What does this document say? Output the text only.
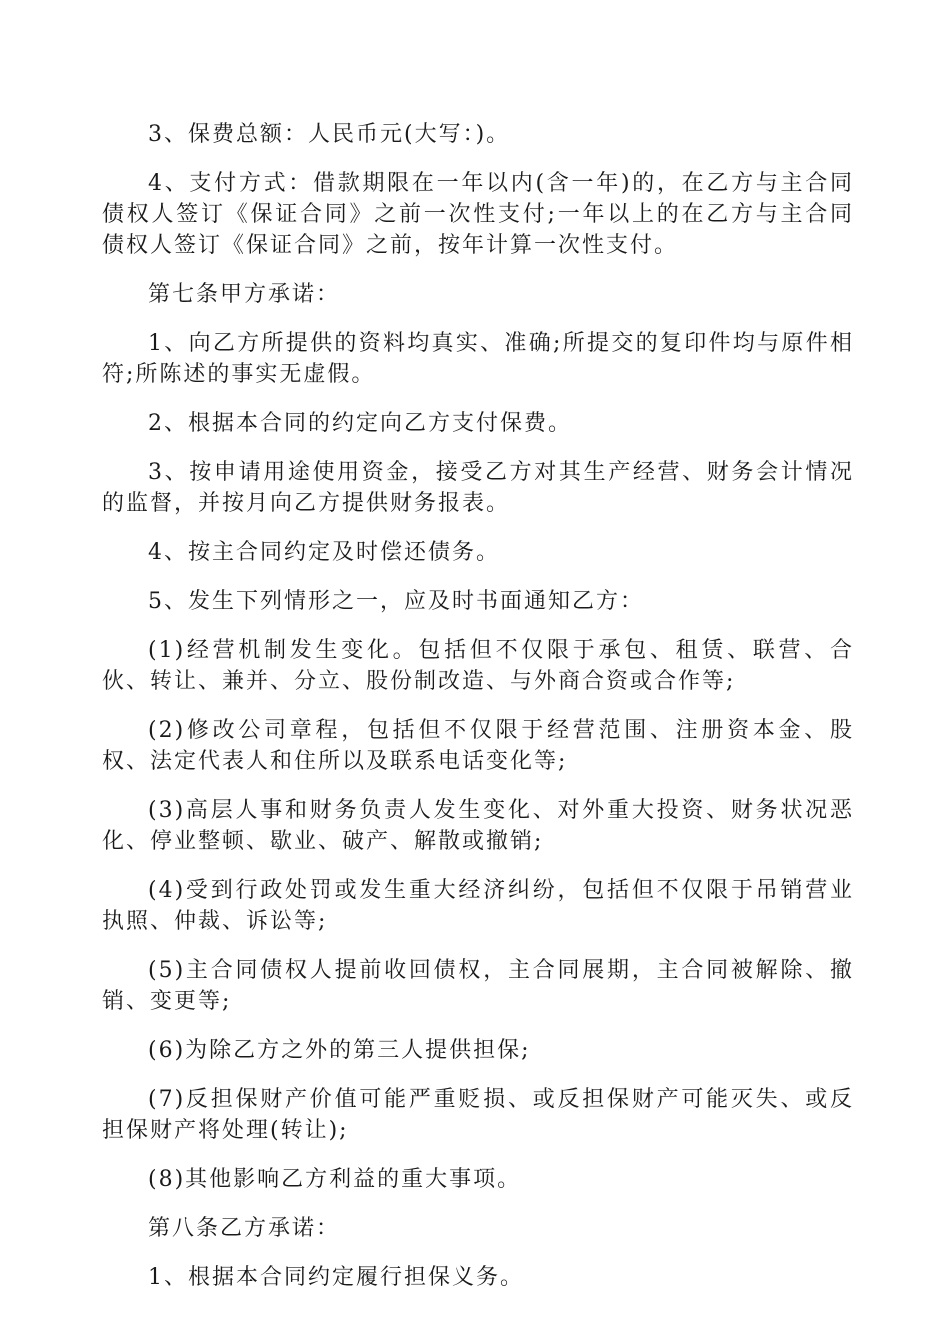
3、保费总额：人民币元(大写：)。

4、支付方式：借款期限在一年以内(含一年)的，在乙方与主合同债权人签订《保证合同》之前一次性支付;一年以上的在乙方与主合同债权人签订《保证合同》之前，按年计算一次性支付。

第七条甲方承诺：

1、向乙方所提供的资料均真实、准确;所提交的复印件均与原件相符;所陈述的事实无虚假。

2、根据本合同的约定向乙方支付保费。

3、按申请用途使用资金，接受乙方对其生产经营、财务会计情况的监督，并按月向乙方提供财务报表。

4、按主合同约定及时偿还债务。

5、发生下列情形之一，应及时书面通知乙方：

(1)经营机制发生变化。包括但不仅限于承包、租赁、联营、合伙、转让、兼并、分立、股份制改造、与外商合资或合作等;

(2)修改公司章程，包括但不仅限于经营范围、注册资本金、股权、法定代表人和住所以及联系电话变化等;

(3)高层人事和财务负责人发生变化、对外重大投资、财务状况恶化、停业整顿、歇业、破产、解散或撤销;

(4)受到行政处罚或发生重大经济纠纷，包括但不仅限于吊销营业执照、仲裁、诉讼等;

(5)主合同债权人提前收回债权，主合同展期，主合同被解除、撤销、变更等;

(6)为除乙方之外的第三人提供担保;

(7)反担保财产价值可能严重贬损、或反担保财产可能灭失、或反担保财产将处理(转让);

(8)其他影响乙方利益的重大事项。

第八条乙方承诺：

1、根据本合同约定履行担保义务。
